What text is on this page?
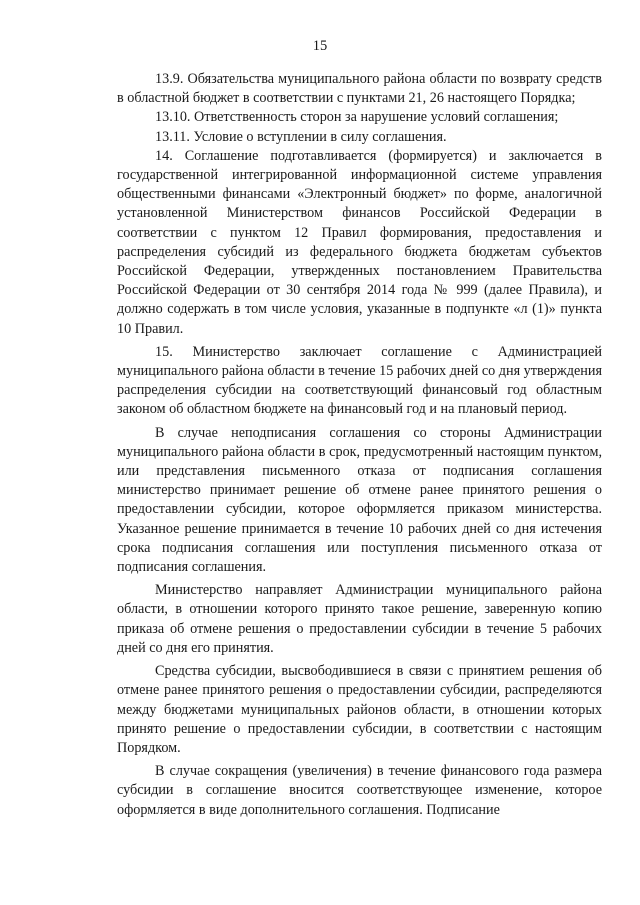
15

13.9. Обязательства муниципального района области по возврату средств в областной бюджет в соответствии с пунктами 21, 26 настоящего Порядка;

13.10. Ответственность сторон за нарушение условий соглашения;

13.11. Условие о вступлении в силу соглашения.

14. Соглашение подготавливается (формируется) и заключается в государственной интегрированной информационной системе управления общественными финансами «Электронный бюджет» по форме, аналогичной установленной Министерством финансов Российской Федерации в соответствии с пунктом 12 Правил формирования, предоставления и распределения субсидий из федерального бюджета бюджетам субъектов Российской Федерации, утвержденных постановлением Правительства Российской Федерации от 30 сентября 2014 года № 999 (далее Правила), и должно содержать в том числе условия, указанные в подпункте «л (1)» пункта 10 Правил.

15. Министерство заключает соглашение с Администрацией муниципального района области в течение 15 рабочих дней со дня утверждения распределения субсидии на соответствующий финансовый год областным законом об областном бюджете на финансовый год и на плановый период.

В случае неподписания соглашения со стороны Администрации муниципального района области в срок, предусмотренный настоящим пунктом, или представления письменного отказа от подписания соглашения министерство принимает решение об отмене ранее принятого решения о предоставлении субсидии, которое оформляется приказом министерства. Указанное решение принимается в течение 10 рабочих дней со дня истечения срока подписания соглашения или поступления письменного отказа от подписания соглашения.

Министерство направляет Администрации муниципального района области, в отношении которого принято такое решение, заверенную копию приказа об отмене решения о предоставлении субсидии в течение 5 рабочих дней со дня его принятия.

Средства субсидии, высвободившиеся в связи с принятием решения об отмене ранее принятого решения о предоставлении субсидии, распределяются между бюджетами муниципальных районов области, в отношении которых принято решение о предоставлении субсидии, в соответствии с настоящим Порядком.

В случае сокращения (увеличения) в течение финансового года размера субсидии в соглашение вносится соответствующее изменение, которое оформляется в виде дополнительного соглашения. Подписание
